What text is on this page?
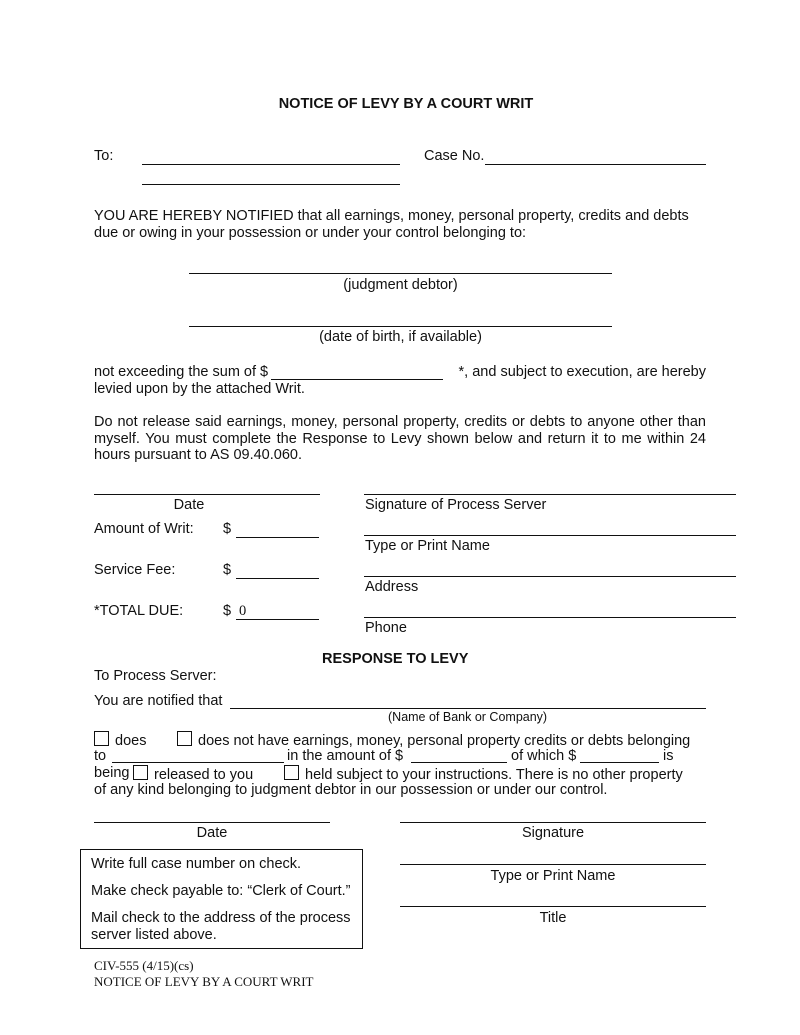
NOTICE OF LEVY BY A COURT WRIT
To:	Case No.
YOU ARE HEREBY NOTIFIED that all earnings, money, personal property, credits and debts due or owing in your possession or under your control belonging to:
(judgment debtor)
(date of birth, if available)
not exceeding the sum of $	*, and subject to execution, are hereby
levied upon by the attached Writ.
Do not release said earnings, money, personal property, credits or debts to anyone other than myself. You must complete the Response to Levy shown below and return it to me within 24 hours pursuant to AS 09.40.060.
Date
Amount of Writ: $
Service Fee:	$
*TOTAL DUE:	$ 0
Signature of Process Server
Type or Print Name
Address
Phone
RESPONSE TO LEVY
To Process Server:
You are notified that
(Name of Bank or Company)
does	does not have earnings, money, personal property credits or debts belonging
to	in the amount of $	of which $	is
being	released to you	held subject to your instructions. There is no other property
of any kind belonging to judgment debtor in our possession or under our control.
Date	Signature
Type or Print Name
Title
Write full case number on check.
Make check payable to: “Clerk of Court.”
Mail check to the address of the process
server listed above.
CIV-555 (4/15)(cs)
NOTICE OF LEVY BY A COURT WRIT
